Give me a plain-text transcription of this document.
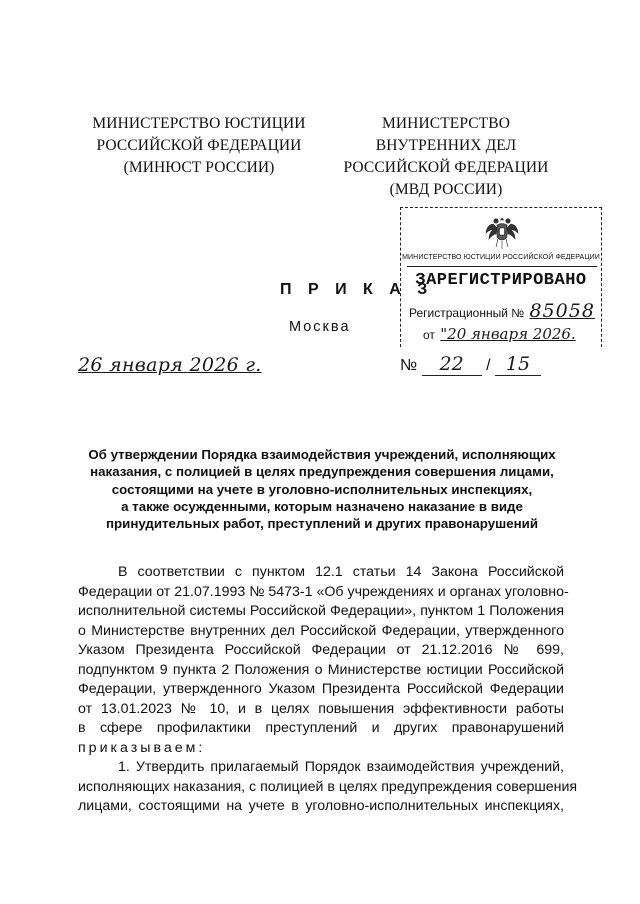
МИНИСТЕРСТВО ЮСТИЦИИ
РОССИЙСКОЙ ФЕДЕРАЦИИ
(МИНЮСТ РОССИИ)
МИНИСТЕРСТВО
ВНУТРЕННИХ ДЕЛ
РОССИЙСКОЙ ФЕДЕРАЦИИ
(МВД РОССИИ)
МИНИСТЕРСТВО ЮСТИЦИИ РОССИЙСКОЙ ФЕДЕРАЦИИ
ЗАРЕГИСТРИРОВАНО
Регистрационный № 85058
от "20 января 2026.
П Р И К А З
Москва
26 января 2026 г.	№ 22 / 15
Об утверждении Порядка взаимодействия учреждений, исполняющих
наказания, с полицией в целях предупреждения совершения лицами,
состоящими на учете в уголовно-исполнительных инспекциях,
а также осужденными, которым назначено наказание в виде
принудительных работ, преступлений и других правонарушений
В соответствии с пунктом 12.1 статьи 14 Закона Российской
Федерации от 21.07.1993 № 5473-1 «Об учреждениях и органах уголовно-
исполнительной системы Российской Федерации», пунктом 1 Положения
о Министерстве внутренних дел Российской Федерации, утвержденного
Указом Президента Российской Федерации от 21.12.2016 № 699,
подпунктом 9 пункта 2 Положения о Министерстве юстиции Российской
Федерации, утвержденного Указом Президента Российской Федерации
от 13.01.2023 № 10, и в целях повышения эффективности работы
в сфере профилактики преступлений и других правонарушений
приказываем:
1. Утвердить прилагаемый Порядок взаимодействия учреждений,
исполняющих наказания, с полицией в целях предупреждения совершения
лицами, состоящими на учете в уголовно-исполнительных инспекциях,
